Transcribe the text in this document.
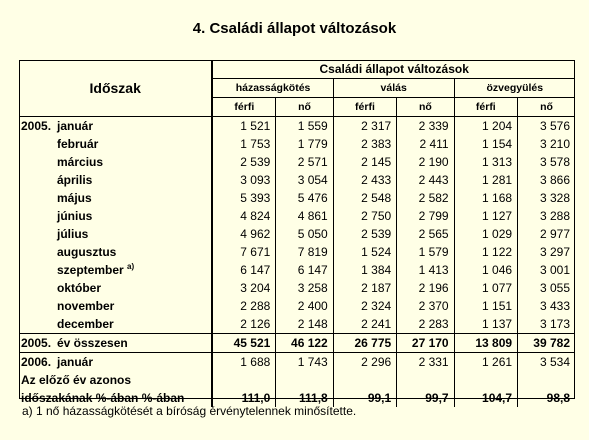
4. Családi állapot változások
Időszak	Családi állapot változások					
	házasságkötés		válás		özvegyülés	
	férfi	nő	férfi	nő	férfi	nő
2005. január	1 521	1 559	2 317	2 339	1 204	3 576
február	1 753	1 779	2 383	2 411	1 154	3 210
március	2 539	2 571	2 145	2 190	1 313	3 578
április	3 093	3 054	2 433	2 443	1 281	3 866
május	5 393	5 476	2 548	2 582	1 168	3 328
június	4 824	4 861	2 750	2 799	1 127	3 288
július	4 962	5 050	2 539	2 565	1 029	2 977
augusztus	7 671	7 819	1 524	1 579	1 122	3 297
szeptember $^{a)}$	6 147	6 147	1 384	1 413	1 046	3 001
október	3 204	3 258	2 187	2 196	1 077	3 055
november	2 288	2 400	2 324	2 370	1 151	3 433
december	2 126	2 148	2 241	2 283	1 137	3 173
2005. év összesen	45 521	46 122	26 775	27 170	13 809	39 782
2006. január	1 688	1 743	2 296	2 331	1 261	3 534
Az előző év azonos						
időszakának %-ában %-ában	111,0	111,8	99,1	99,7	104,7	98,8
a) 1 nő házasságkötését a bíróság érvénytelennek minősítette.
